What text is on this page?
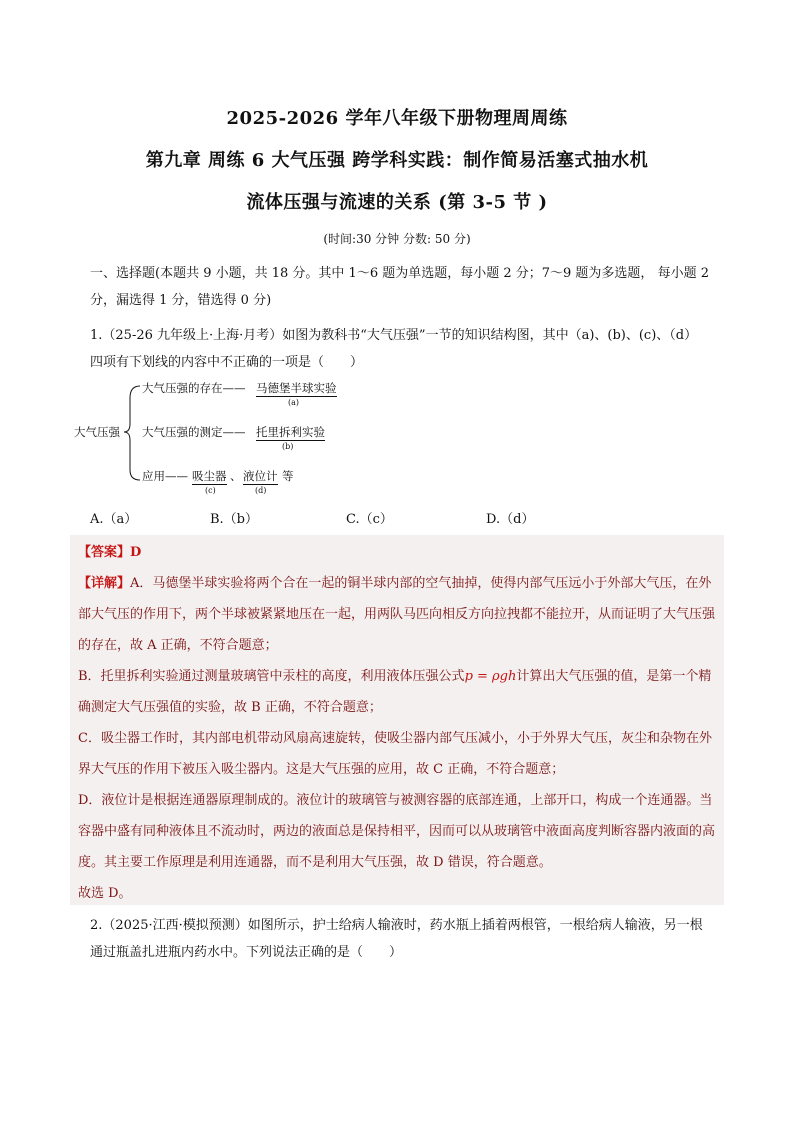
2025-2026 学年八年级下册物理周周练
第九章 周练 6 大气压强 跨学科实践：制作简易活塞式抽水机
流体压强与流速的关系 (第 3-5 节 )
(时间:30 分钟 分数: 50 分)
一、选择题(本题共 9 小题，共 18 分。其中 1～6 题为单选题，每小题 2 分；7～9 题为多选题， 每小题 2 分，漏选得 1 分，错选得 0 分)
1.（25-26 九年级上·上海·月考）如图为教科书“大气压强”一节的知识结构图，其中（a)、(b)、(c)、（d）四项有下划线的内容中不正确的一项是（　　）
大气压强
大气压强的存在—— 马德堡半球实验
(a)
大气压强的测定—— 托里拆利实验
(b)
应用—— 吸尘器 、 液位计 等
(c)	(d)
A.（a）	B.（b）	C.（c）	D.（d）
【答案】D
【详解】A．马德堡半球实验将两个合在一起的铜半球内部的空气抽掉，使得内部气压远小于外部大气压，在外部大气压的作用下，两个半球被紧紧地压在一起，用两队马匹向相反方向拉拽都不能拉开，从而证明了大气压强的存在，故 A 正确，不符合题意；
B．托里拆利实验通过测量玻璃管中汞柱的高度，利用液体压强公式p = ρgh计算出大气压强的值，是第一个精确测定大气压强值的实验，故 B 正确，不符合题意；
C．吸尘器工作时，其内部电机带动风扇高速旋转，使吸尘器内部气压减小，小于外界大气压，灰尘和杂物在外界大气压的作用下被压入吸尘器内。这是大气压强的应用，故 C 正确，不符合题意；
D．液位计是根据连通器原理制成的。液位计的玻璃管与被测容器的底部连通，上部开口，构成一个连通器。当容器中盛有同种液体且不流动时，两边的液面总是保持相平，因而可以从玻璃管中液面高度判断容器内液面的高度。其主要工作原理是利用连通器，而不是利用大气压强，故 D 错误，符合题意。
故选 D。
2.（2025·江西·模拟预测）如图所示，护士给病人输液时，药水瓶上插着两根管，一根给病人输液，另一根通过瓶盖扎进瓶内药水中。下列说法正确的是（　　）
